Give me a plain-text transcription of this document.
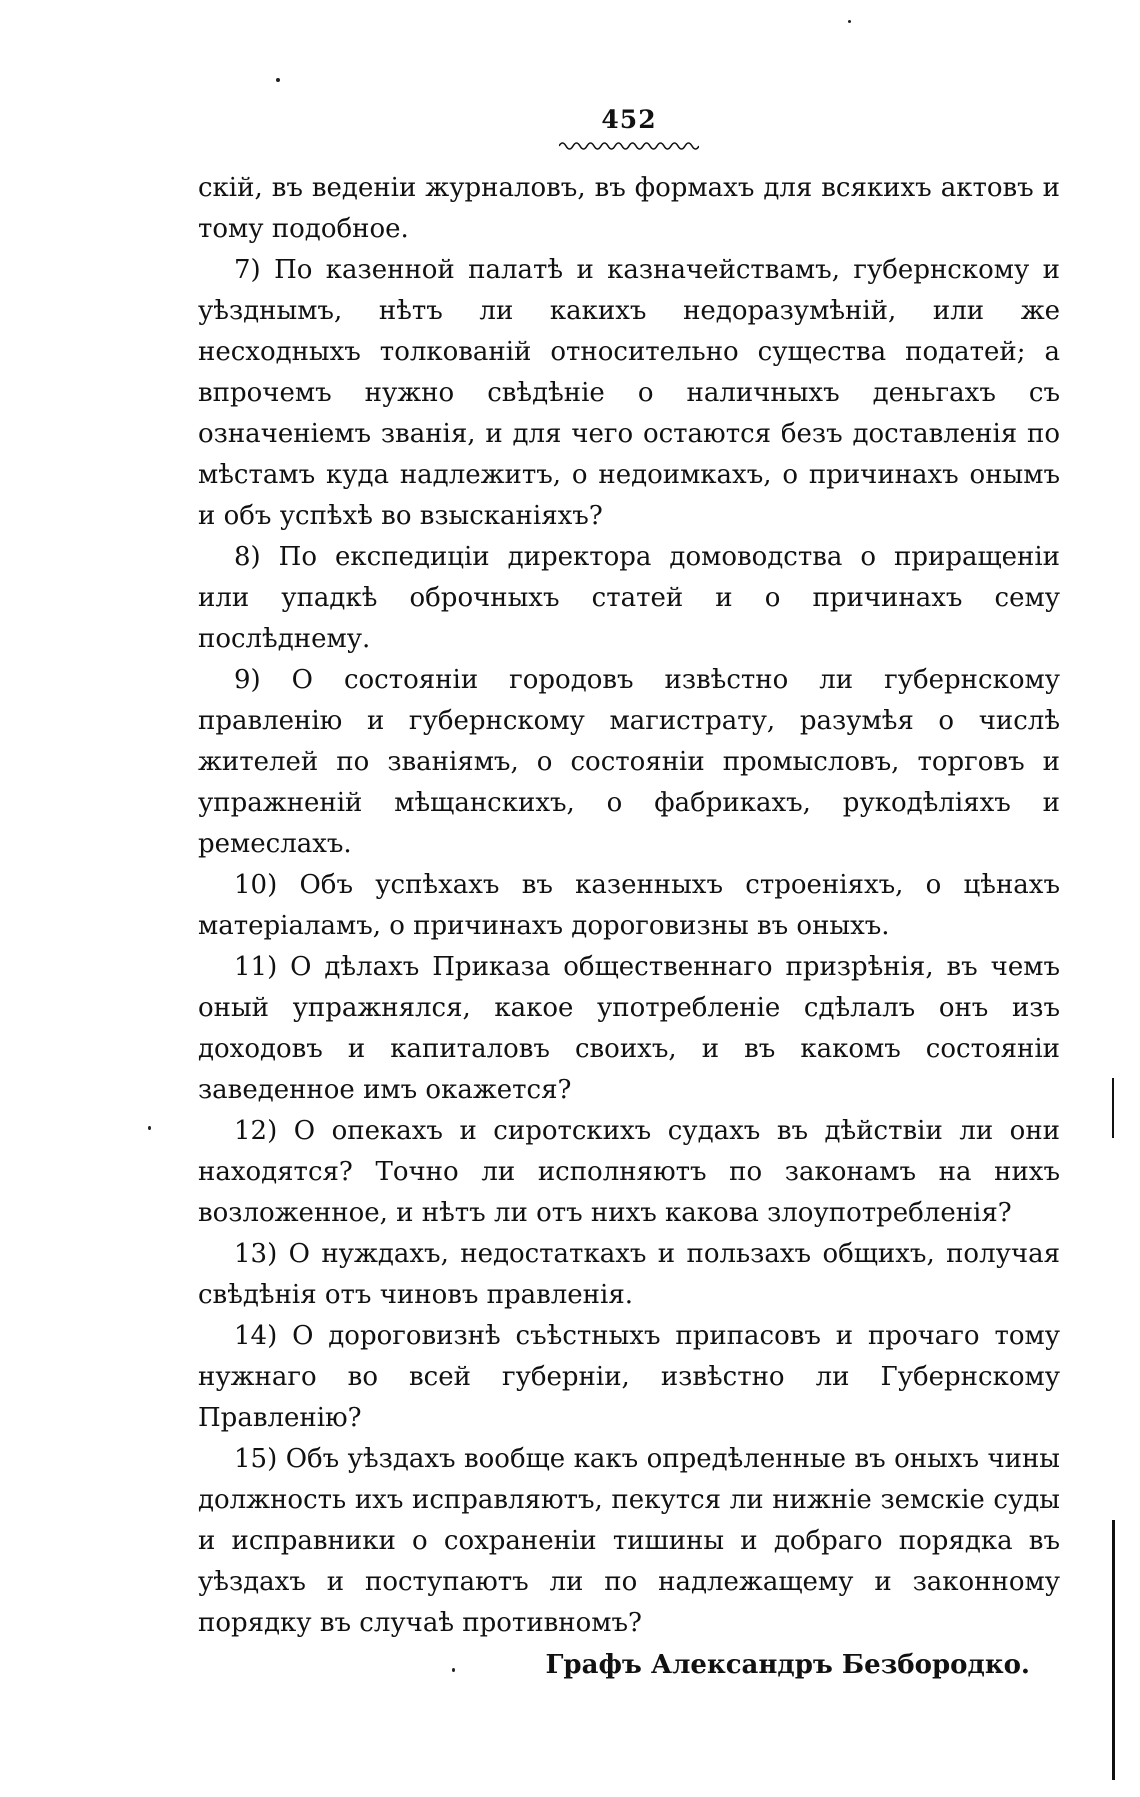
452

скій, въ веденіи журналовъ, въ формахъ для всякихъ актовъ и тому подобное.

7) По казенной палатѣ и казначействамъ, губернскому и уѣзднымъ, нѣтъ ли какихъ недоразумѣній, или же несходныхъ толкованій относительно существа податей; а впрочемъ нужно свѣдѣніе о наличныхъ деньгахъ съ означеніемъ званія, и для чего остаются безъ доставленія по мѣстамъ куда надлежитъ, о недоимкахъ, о причинахъ онымъ и объ успѣхѣ во взысканіяхъ?

8) По експедиціи директора домоводства о приращеніи или упадкѣ оброчныхъ статей и о причинахъ сему послѣднему.

9) О состояніи городовъ извѣстно ли губернскому правленію и губернскому магистрату, разумѣя о числѣ жителей по званіямъ, о состояніи промысловъ, торговъ и упражненій мѣщанскихъ, о фабрикахъ, рукодѣліяхъ и ремеслахъ.

10) Объ успѣхахъ въ казенныхъ строеніяхъ, о цѣнахъ матеріаламъ, о причинахъ дороговизны въ оныхъ.

11) О дѣлахъ Приказа общественнаго призрѣнія, въ чемъ оный упражнялся, какое употребленіе сдѣлалъ онъ изъ доходовъ и капиталовъ своихъ, и въ какомъ состояніи заведенное имъ окажется?

12) О опекахъ и сиротскихъ судахъ въ дѣйствіи ли они находятся? Точно ли исполняютъ по законамъ на нихъ возложенное, и нѣтъ ли отъ нихъ какова злоупотребленія?

13) О нуждахъ, недостаткахъ и пользахъ общихъ, получая свѣдѣнія отъ чиновъ правленія.

14) О дороговизнѣ съѣстныхъ припасовъ и прочаго тому нужнаго во всей губерніи, извѣстно ли Губернскому Правленію?

15) Объ уѣздахъ вообще какъ опредѣленные въ оныхъ чины должность ихъ исправляютъ, пекутся ли нижніе земскіе суды и исправники о сохраненіи тишины и добраго порядка въ уѣздахъ и поступаютъ ли по надлежащему и законному порядку въ случаѣ противномъ?

Графъ Александръ Безбородко.
